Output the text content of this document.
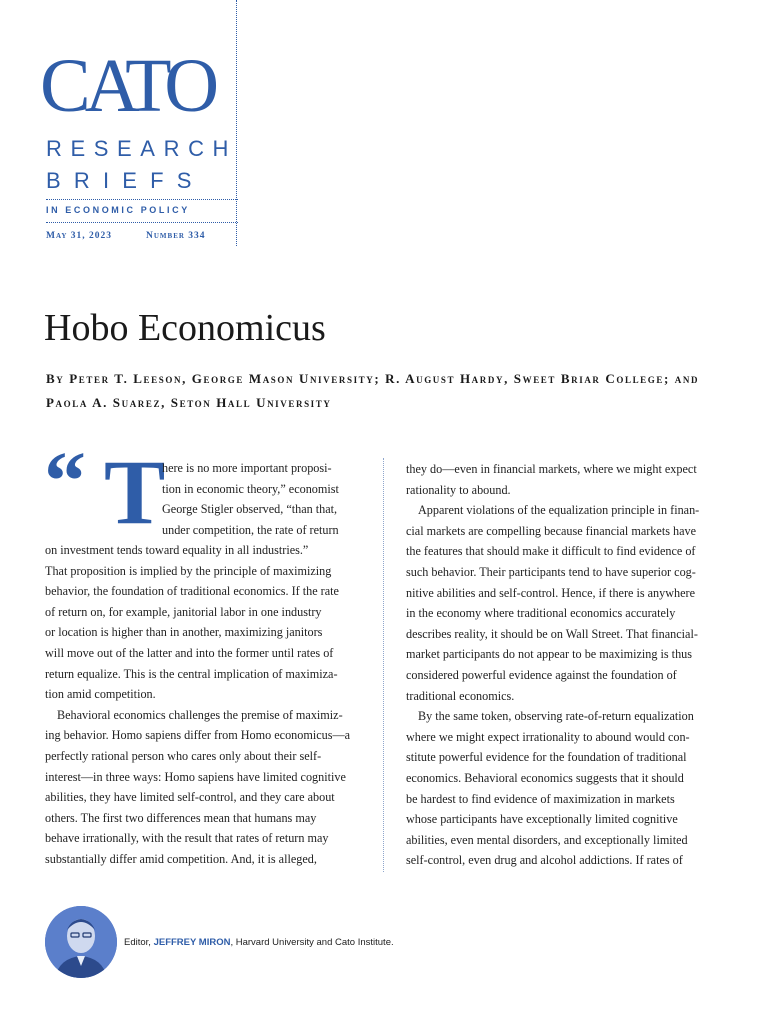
CATO
RESEARCH
BRIEFS
IN ECONOMIC POLICY
May 31, 2023	Number 334
Hobo Economicus
By Peter T. Leeson, George Mason University; R. August Hardy, Sweet Briar College; and Paola A. Suarez, Seton Hall University
“ T
here is no more important proposi-
tion in economic theory,” economist
George Stigler observed, “than that,
under competition, the rate of return

on investment tends toward equality in all industries.”
That proposition is implied by the principle of maximizing
behavior, the foundation of traditional economics. If the rate
of return on, for example, janitorial labor in one industry
or location is higher than in another, maximizing janitors
will move out of the latter and into the former until rates of
return equalize. This is the central implication of maximiza-
tion amid competition.

Behavioral economics challenges the premise of maximiz-

ing behavior. Homo sapiens differ from Homo economicus—a
perfectly rational person who cares only about their self-
interest—in three ways: Homo sapiens have limited cognitive
abilities, they have limited self-control, and they care about
others. The first two differences mean that humans may
behave irrationally, with the result that rates of return may
substantially differ amid competition. And, it is alleged,

they do—even in financial markets, where we might expect
rationality to abound.

Apparent violations of the equalization principle in finan-
cial markets are compelling because financial markets have
the features that should make it difficult to find evidence of
such behavior. Their participants tend to have superior cog-
nitive abilities and self-control. Hence, if there is anywhere
in the economy where traditional economics accurately
describes reality, it should be on Wall Street. That financial-
market participants do not appear to be maximizing is thus
considered powerful evidence against the foundation of
traditional economics.

By the same token, observing rate-of-return equalization
where we might expect irrationality to abound would con-
stitute powerful evidence for the foundation of traditional
economics. Behavioral economics suggests that it should
be hardest to find evidence of maximization in markets
whose participants have exceptionally limited cognitive
abilities, even mental disorders, and exceptionally limited
self-control, even drug and alcohol addictions. If rates of

Editor, JEFFREY MIRON, Harvard University and Cato Institute.
